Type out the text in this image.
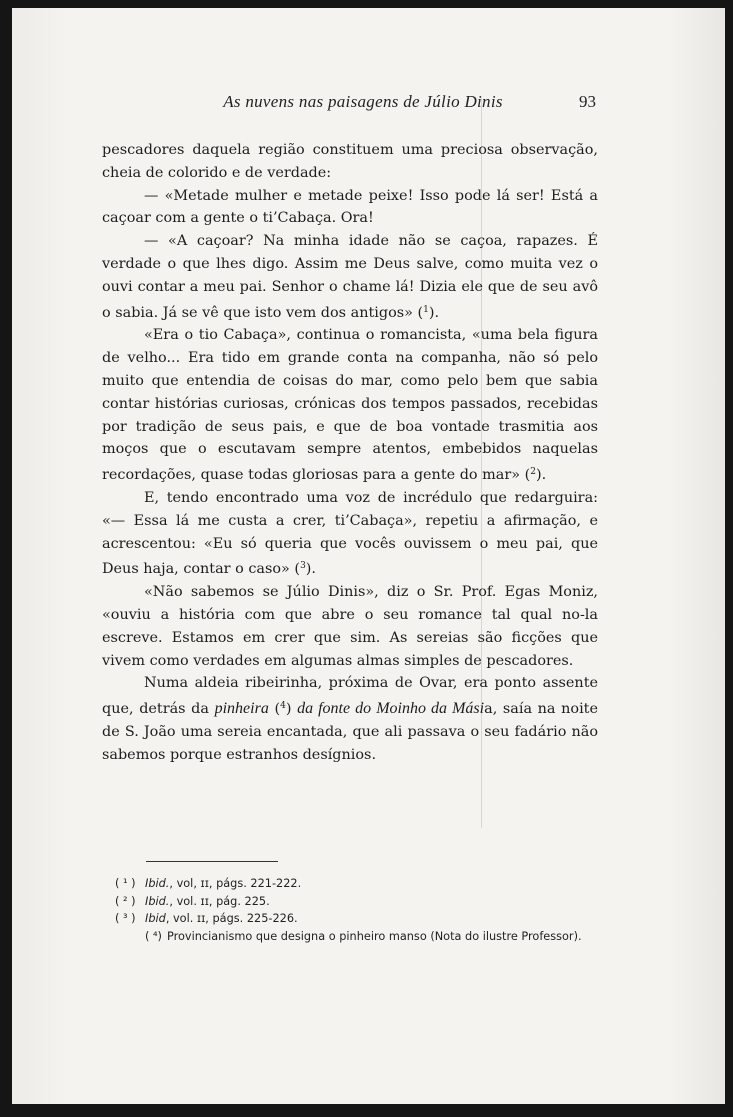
As nuvens nas paisagens de Júlio Dinis	93

pescadores daquela região constituem uma preciosa observação, cheia de colorido e de verdade:

— «Metade mulher e metade peixe! Isso pode lá ser! Está a caçoar com a gente o ti’Cabaça. Ora!

— «A caçoar? Na minha idade não se caçoa, rapazes. É verdade o que lhes digo. Assim me Deus salve, como muita vez o ouvi contar a meu pai. Senhor o chame lá! Dizia ele que de seu avô o sabia. Já se vê que isto vem dos antigos» ($^1$).

«Era o tio Cabaça», continua o romancista, «uma bela figura de velho... Era tido em grande conta na companha, não só pelo muito que entendia de coisas do mar, como pelo bem que sabia contar histórias curiosas, crónicas dos tempos passados, recebidas por tradição de seus pais, e que de boa vontade trasmitia aos moços que o escutavam sempre atentos, embebidos naquelas recordações, quase todas gloriosas para a gente do mar» ($^2$).

E, tendo encontrado uma voz de incrédulo que redarguira: «— Essa lá me custa a crer, ti’Cabaça», repetiu a afirmação, e acrescentou: «Eu só queria que vocês ouvissem o meu pai, que Deus haja, contar o caso» ($^3$).

«Não sabemos se Júlio Dinis», diz o Sr. Prof. Egas Moniz, «ouviu a história com que abre o seu romance tal qual no-la escreve. Estamos em crer que sim. As sereias são ficções que vivem como verdades em algumas almas simples de pescadores.

Numa aldeia ribeirinha, próxima de Ovar, era ponto assente que, detrás da pinheira ($^4$) da fonte do Moinho da Másia, saía na noite de S. João uma sereia encantada, que ali passava o seu fadário não sabemos porque estranhos desígnios.

( ¹ ) Ibid., vol, ɪɪ, págs. 221-222.

( ² ) Ibid., vol. ɪɪ, pág. 225.

( ³ ) Ibid, vol. ɪɪ, págs. 225-226.

( ⁴) Provincianismo que designa o pinheiro manso (Nota do ilustre Professor).
